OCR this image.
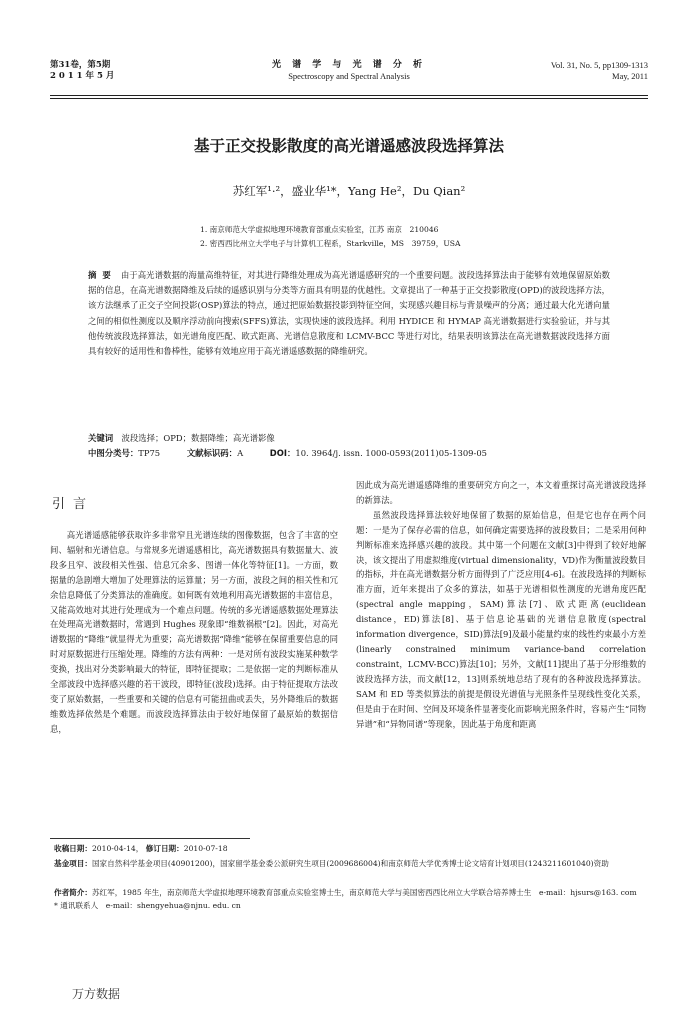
第31卷，第5期
2 0 1 1 年 5 月
光 谱 学 与 光 谱 分 析
Spectroscopy and Spectral Analysis
Vol. 31, No. 5, pp1309-1313
May, 2011
基于正交投影散度的高光谱遥感波段选择算法
苏红军¹·²，盛业华¹*，Yang He²，Du Qian²
1. 南京师范大学虚拟地理环境教育部重点实验室，江苏 南京　210046
2. 密西西比州立大学电子与计算机工程系，Starkville，MS　39759，USA
摘要 由于高光谱数据的海量高维特征，对其进行降维处理成为高光谱遥感研究的一个重要问题。波段选择算法由于能够有效地保留原始数据的信息，在高光谱数据降维及后续的遥感识别与分类等方面具有明显的优越性。文章提出了一种基于正交投影散度(OPD)的波段选择方法，该方法继承了正交子空间投影(OSP)算法的特点，通过把原始数据投影到特征空间，实现感兴趣目标与背景噪声的分离；通过最大化光谱向量之间的相似性测度以及顺序浮动前向搜索(SFFS)算法，实现快速的波段选择。利用 HYDICE 和 HYMAP 高光谱数据进行实验验证，并与其他传统波段选择算法，如光谱角度匹配、欧式距离、光谱信息散度和 LCMV-BCC 等进行对比，结果表明该算法在高光谱数据波段选择方面具有较好的适用性和鲁棒性，能够有效地应用于高光谱遥感数据的降维研究。
关键词　 波段选择；OPD；数据降维；高光谱影像
中图分类号：TP75	文献标识码：A	DOI：10. 3964/j. issn. 1000-0593(2011)05-1309-05
引言

高光谱遥感能够获取许多非常窄且光谱连续的图像数据，包含了丰富的空间、辐射和光谱信息。与常规多光谱遥感相比，高光谱数据具有数据量大、波段多且窄、波段相关性强、信息冗余多、图谱一体化等特征[1]。一方面，数据量的急剧增大增加了处理算法的运算量；另一方面，波段之间的相关性和冗余信息降低了分类算法的准确度。如何既有效地利用高光谱数据的丰富信息，又能高效地对其进行处理成为一个难点问题。传统的多光谱遥感数据处理算法在处理高光谱数据时，常遇到 Hughes 现象即“维数祸根”[2]。因此，对高光谱数据的“降维”就显得尤为重要；高光谱数据“降维”能够在保留重要信息的同时对原数据进行压缩处理。降维的方法有两种：一是对所有波段实施某种数学变换，找出对分类影响最大的特征，即特征提取；二是依据一定的判断标准从全部波段中选择感兴趣的若干波段，即特征(波段)选择。由于特征提取方法改变了原始数据，一些重要和关键的信息有可能扭曲或丢失，另外降维后的数据维数选择依然是个难题。而波段选择算法由于较好地保留了最原始的数据信息，

因此成为高光谱遥感降维的重要研究方向之一，本文着重探讨高光谱波段选择的新算法。

虽然波段选择算法较好地保留了数据的原始信息，但是它也存在两个问题：一是为了保存必需的信息，如何确定需要选择的波段数目；二是采用何种判断标准来选择感兴趣的波段。其中第一个问题在文献[3]中得到了较好地解决，该文提出了用虚拟维度(virtual dimensionality，VD)作为衡量波段数目的指标，并在高光谱数据分析方面得到了广泛应用[4-6]。在波段选择的判断标准方面，近年来提出了众多的算法，如基于光谱相似性测度的光谱角度匹配(spectral angle mapping，SAM)算法[7]、欧式距离(euclidean distance，ED)算法[8]、基于信息论基础的光谱信息散度(spectral information divergence，SID)算法[9]及最小能量约束的线性约束最小方差(linearly constrained minimum variance-band correlation constraint，LCMV-BCC)算法[10]；另外，文献[11]提出了基于分形维数的波段选择方法，而文献[12，13]则系统地总结了现有的各种波段选择算法。SAM 和 ED 等类似算法的前提是假设光谱值与光照条件呈现线性变化关系，但是由于在时间、空间及环境条件显著变化而影响光照条件时，容易产生“同物异谱”和“异物同谱”等现象，因此基于角度和距离

收稿日期：2010-04-14， 修订日期：2010-07-18
基金项目：国家自然科学基金项目(40901200)，国家留学基金委公派研究生项目(2009686004)和南京师范大学优秀博士论文培育计划项目(1243211601040)资助
作者简介：苏红军，1985 年生，南京师范大学虚拟地理环境教育部重点实验室博士生，南京师范大学与美国密西西比州立大学联合培养博士生　e-mail：hjsurs@163. com　* 通讯联系人　e-mail：shengyehua@njnu. edu. cn
万方数据
